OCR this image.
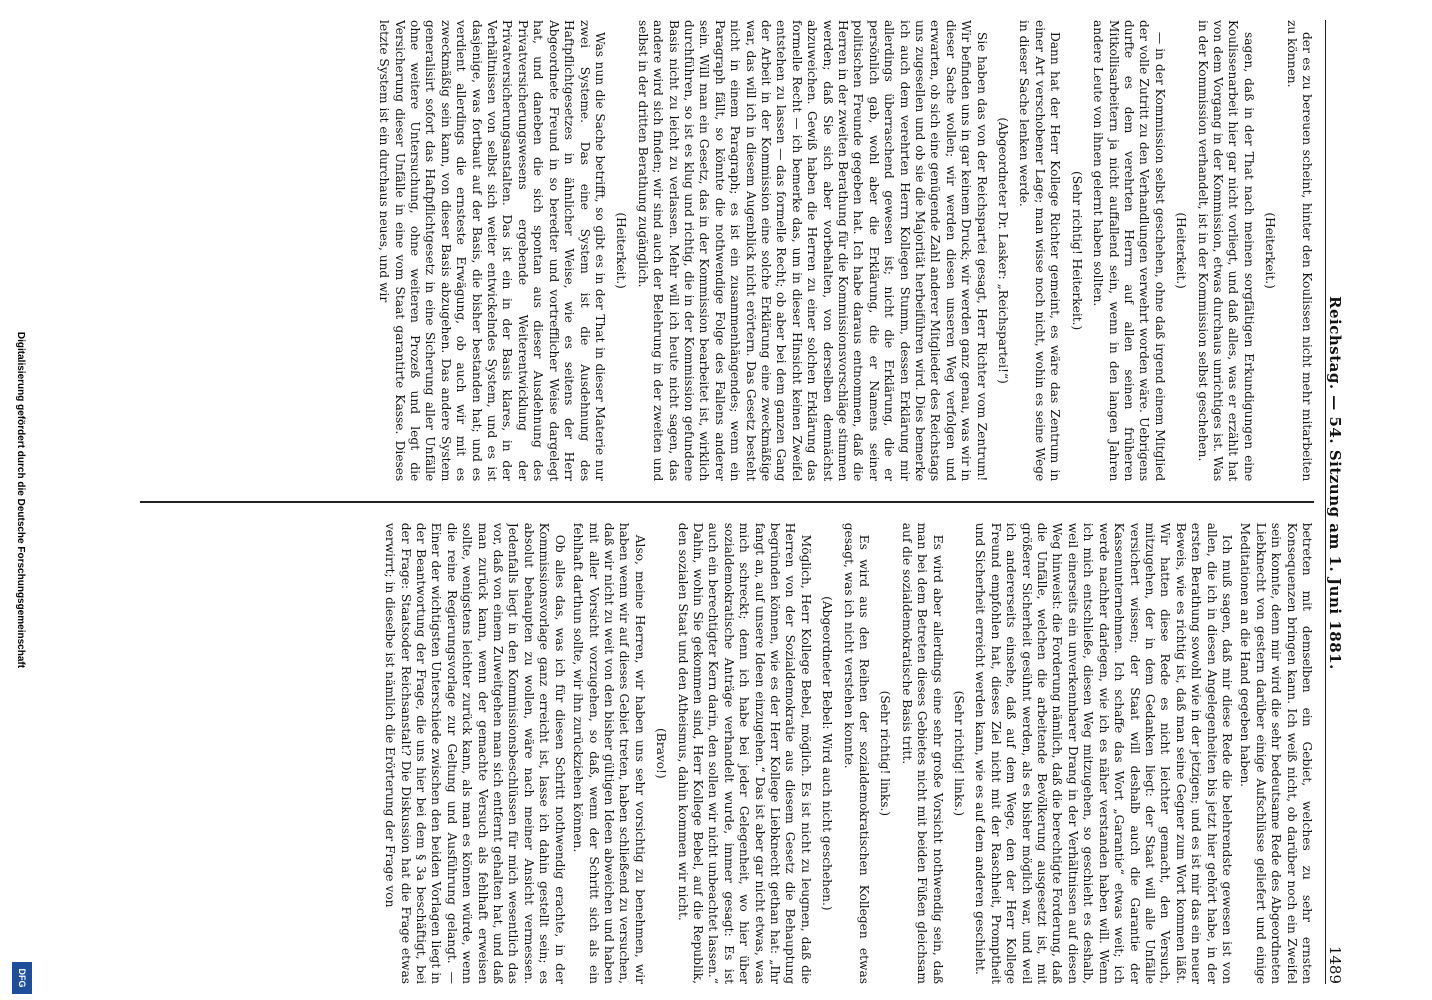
Reichstag. — 54. Sitzung am 1. Juni 1881.
1489

der es zu bereuen scheint, hinter den Koulissen nicht mehr mitarbeiten zu können.

(Heiterkeit.)

sagen, daß in der That nach meinen sorgfältigen Erkundigungen eine Koulissenarbeit hier gar nicht vorliegt, und daß alles, was er erzählt hat von dem Vorgang in der Kommission, etwas durchaus unrichtiges ist. Was in der Kommission verhandelt, ist in der Kommission selbst geschehen.

(Heiterkeit.)

— in der Kommission selbst geschehen, ohne daß irgend einem Mitglied der volle Zutritt zu den Verhandlungen verwehrt worden wäre. Uebrigens durfte es dem verehrten Herrn auf allen seinen früheren Mitkollisarbeitern ja nicht auffallend sein, wenn in den langen Jahren andere Leute von ihnen gelernt haben sollten.

(Sehr richtig! Heiterkeit.)

Dann hat der Herr Kollege Richter gemeint, es wäre das Zentrum in einer Art verschobener Lage; man wisse noch nicht, wohin es seine Wege in dieser Sache lenken werde.

(Abgeordneter Dr. Lasker: „Reichspartei!“)

Sie haben das von der Reichspartei gesagt, Herr Richter vom Zentrum! Wir befinden uns in gar keinem Druck; wir werden ganz genau, was wir in dieser Sache wollen; wir werden diesen unseren Weg verfolgen und erwarten, ob sich eine genügende Zahl anderer Mitglieder des Reichstags uns zugesellen und ob sie die Majorität herbeiführen wird. Dies bemerke ich auch dem verehrten Herrn Kollegen Stumm, dessen Erklärung mir allerdings überraschend gewesen ist; nicht die Erklärung, die er persönlich gab, wohl aber die Erklärung, die er Namens seiner politischen Freunde gegeben hat. Ich habe daraus entnommen, daß die Herren in der zweiten Berathung für die Kommissionsvorschläge stimmen werden; daß Sie sich aber vorbehalten, von derselben demnächst abzuweichen. Gewiß haben die Herren zu einer solchen Erklärung das formelle Recht — ich bemerke das, um in dieser Hinsicht keinen Zweifel entstehen zu lassen — das formelle Recht; ob aber bei dem ganzen Gang der Arbeit in der Kommission eine solche Erklärung eine zweckmäßige war, das will ich in diesem Augenblick nicht erörtern. Das Gesetz besteht nicht in einem Paragraph; es ist ein zusammenhängendes; wenn ein Paragraph fällt, so könnte die nothwendige Folge des Fallens anderer sein. Will man ein Gesetz, das in der Kommission bearbeitet ist, wirklich durchführen, so ist es klug und richtig, die in der Kommission gefundene Basis nicht zu leicht zu verlassen. Mehr will ich heute nicht sagen, das andere wird sich finden; wir sind auch der Belehrung in der zweiten und selbst in der dritten Berathung zugänglich.

(Heiterkeit.)

Was nun die Sache betrifft, so gibt es in der That in dieser Materie nur zwei Systeme. Das eine System ist die Ausdehnung des Haftpflichtgesetzes in ähnlicher Weise, wie es seitens der Herr Abgeordnete Freund in so beredter und vortrefflicher Weise dargelegt hat, und daneben die sich spontan aus dieser Ausdehnung des Privatversicherungswesens ergebende Weiterentwicklung der Privatversicherungsanstalten. Das ist ein in der Basis klares, in der Verhältnissen von selbst sich weiter entwickelndes System, und es ist dasjenige, was fortbaut auf der Basis, die bisher bestanden hat; und es verdient allerdings die ernsteste Erwägung, ob auch wir mit es zweckmäßig sein kann, von dieser Basis abzugehen. Das andere System generalisirt sofort das Haftpflichtgesetz in eine Sicherung aller Unfälle ohne weitere Untersuchung, ohne weiteren Prozeß und legt die Versicherung dieser Unfälle in eine vom Staat garantirte Kasse. Dieses letzte System ist ein durchaus neues, und wir

betreten mit demselben ein Gebiet, welches zu sehr ernsten Konsequenzen bringen kann. Ich weiß nicht, ob darüber noch ein Zweifel sein konnte, denn mir wird die sehr bedeutsame Rede des Abgeordneten Liebknecht von gestern darüber einige Aufschlüsse geliefert und einige Meditationen an die Hand gegeben haben.

Ich muß sagen, daß mir diese Rede die belehrendste gewesen ist von allen, die ich in diesen Angelegenheiten bis jetzt hier gehört habe, in der ersten Berathung sowohl wie in der jetzigen; und es ist mir das ein neuer Beweis, wie es richtig ist, daß man seine Gegner zum Wort kommen läßt. Wir hatten diese Rede es nicht leichter gemacht, den Versuch, mitzugehen, der in dem Gedanken liegt: der Staat will alle Unfälle versichert wissen; der Staat will deshalb auch die Garantie der Kassenunternehmen. Ich schaffe das Wort „Garantie“ etwas weit; ich werde nachher darlegen, wie ich es näher verstanden haben will. Wenn ich mich entschließe, diesen Weg mitzugehen, so geschieht es deshalb, weil einerseits ein unverkennbarer Drang in der Verhältnissen auf diesen Weg hinweist: die Forderung nämlich, daß die berechtigte Forderung, daß die Unfälle, welchen die arbeitende Bevölkerung ausgesetzt ist, mit größerer Sicherheit gesühnt werden, als es bisher möglich war, und weil ich andererseits einsehe, daß auf dem Wege, den der Herr Kollege Freund empfohlen hat, dieses Ziel nicht mit der Raschheit, Promptheit und Sicherheit erreicht werden kann, wie es auf dem anderen geschieht.

(Sehr richtig! links.)

Es wird aber allerdings eine sehr große Vorsicht nothwendig sein, daß man bei dem Betreten dieses Gebietes nicht mit beiden Füßen gleichsam auf die sozialdemokratische Basis tritt.

(Sehr richtig! links.)

Es wird aus den Reihen der sozialdemokratischen Kollegen etwas gesagt, was ich nicht verstehen konnte.

(Abgeordneter Bebel: Wird auch nicht geschehen.)

Möglich, Herr Kollege Bebel, möglich. Es ist nicht zu leugnen, daß die Herren von der Sozialdemokratie aus diesem Gesetz die Behauptung begründen können, wie es der Herr Kollege Liebknecht gethan hat: „Ihr fangt an, auf unsere Ideen einzugehen.“ Das ist aber gar nicht etwas, was mich schreckt; denn ich habe bei jeder Gelegenheit, wo hier über sozialdemokratische Anträge verhandelt wurde, immer gesagt: Es ist auch ein berechtigter Kern darin, den sollen wir nicht unbeachtet lassen.“ Dahin, wohin Sie gekommen sind, Herr Kollege Bebel, auf die Republik, den sozialen Staat und den Atheismus, dahin kommen wir nicht.

(Bravo!)

Also, meine Herren, wir haben uns sehr vorsichtig zu benehmen, wir haben wenn wir auf dieses Gebiet treten, haben schließend zu versuchen, daß wir nicht zu weit von den bisher gültigen Ideen abweichen und haben mit aller Vorsicht vorzugehen, so daß, wenn der Schritt sich als ein fehlhaft darthun sollte, wir ihn zurückziehen können.

Ob alles das, was ich für diesen Schritt nothwendig erachte, in der Kommissionsvorlage ganz erreicht ist, lasse ich dahin gestellt sein; es absolut behaupten zu wollen, wäre nach meiner Ansicht vermessen. Jedenfalls liegt in den Kommissionsbeschlüssen für mich wesentlich das vor, daß von einem Zuweitgehen man sich entfernt gehalten hat, und daß man zurück kann, wenn der gemachte Versuch als fehlhaft erweisen sollte, wenigstens leichter zurück kann, als man es können würde, wenn die reine Regierungsvorlage zur Geltung und Ausführung gelangt. — Einer der wichtigsten Unterschiede zwischen den beiden Vorlagen liegt in der Beantwortung der Frage, die uns hier bei dem § 3a beschäftigt, bei der Frage: Staatsoder Reichsanstalt? Die Diskussion hat die Frage etwas verwirrt; in dieselbe ist nämlich die Erörterung der Frage von

Digitalisierung gefördert durch die Deutsche Forschungsgemeinschaft
DFG
